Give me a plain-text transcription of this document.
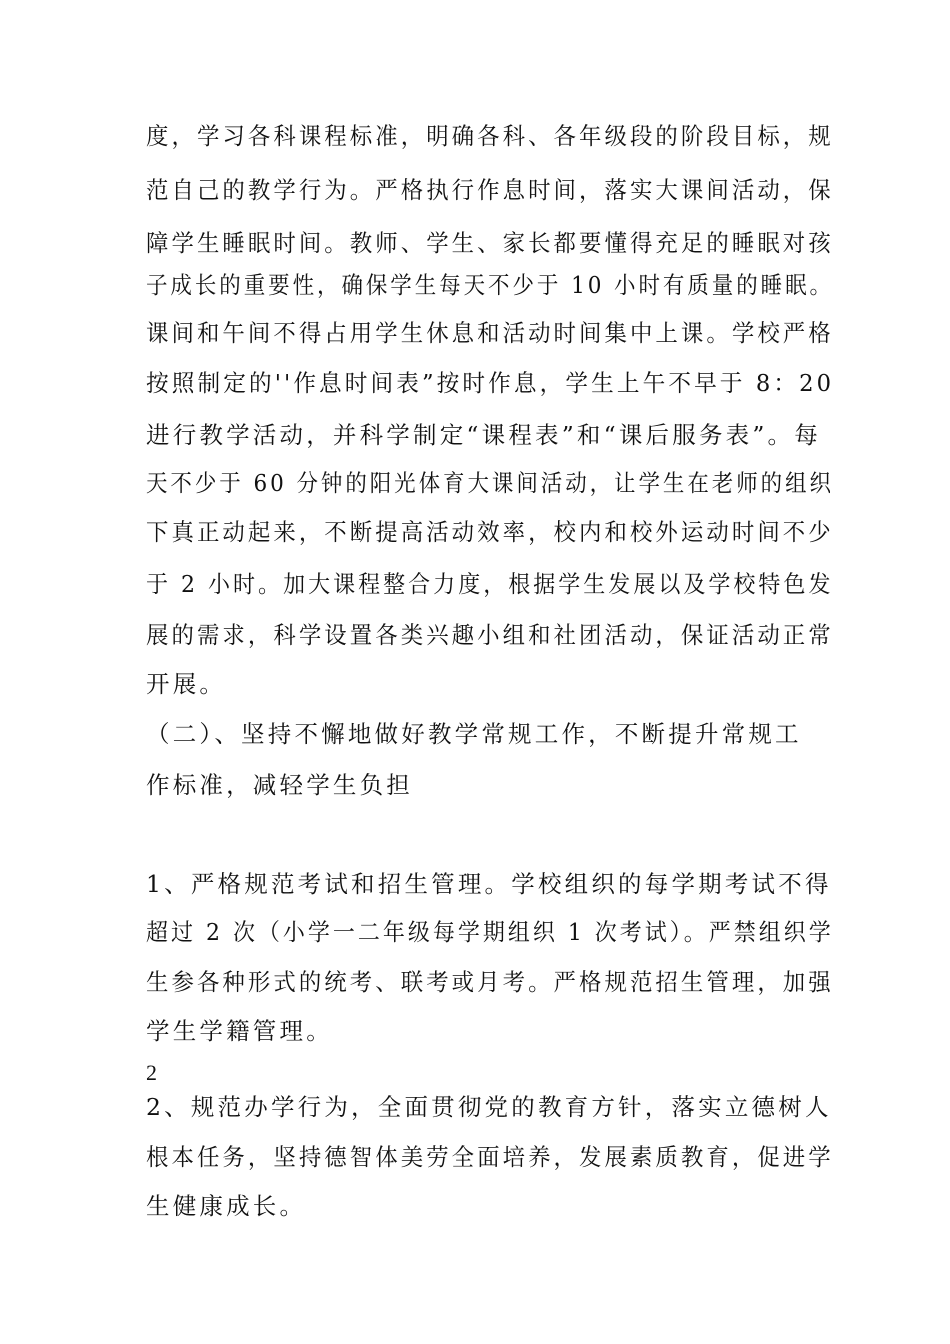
度，学习各科课程标准，明确各科、各年级段的阶段目标，规
范自己的教学行为。严格执行作息时间，落实大课间活动，保
障学生睡眠时间。教师、学生、家长都要懂得充足的睡眠对孩
子成长的重要性，确保学生每天不少于 10 小时有质量的睡眠。
课间和午间不得占用学生休息和活动时间集中上课。学校严格
按照制定的''作息时间表”按时作息，学生上午不早于 8：20
进行教学活动，并科学制定“课程表”和“课后服务表”。每
天不少于 60 分钟的阳光体育大课间活动，让学生在老师的组织
下真正动起来，不断提高活动效率，校内和校外运动时间不少
于 2 小时。加大课程整合力度，根据学生发展以及学校特色发
展的需求，科学设置各类兴趣小组和社团活动，保证活动正常
开展。
（二）、坚持不懈地做好教学常规工作，不断提升常规工
作标准，减轻学生负担
1、严格规范考试和招生管理。学校组织的每学期考试不得
超过 2 次（小学一二年级每学期组织 1 次考试）。严禁组织学
生参各种形式的统考、联考或月考。严格规范招生管理，加强
学生学籍管理。
2
2、规范办学行为，全面贯彻党的教育方针，落实立德树人
根本任务，坚持德智体美劳全面培养，发展素质教育，促进学
生健康成长。
